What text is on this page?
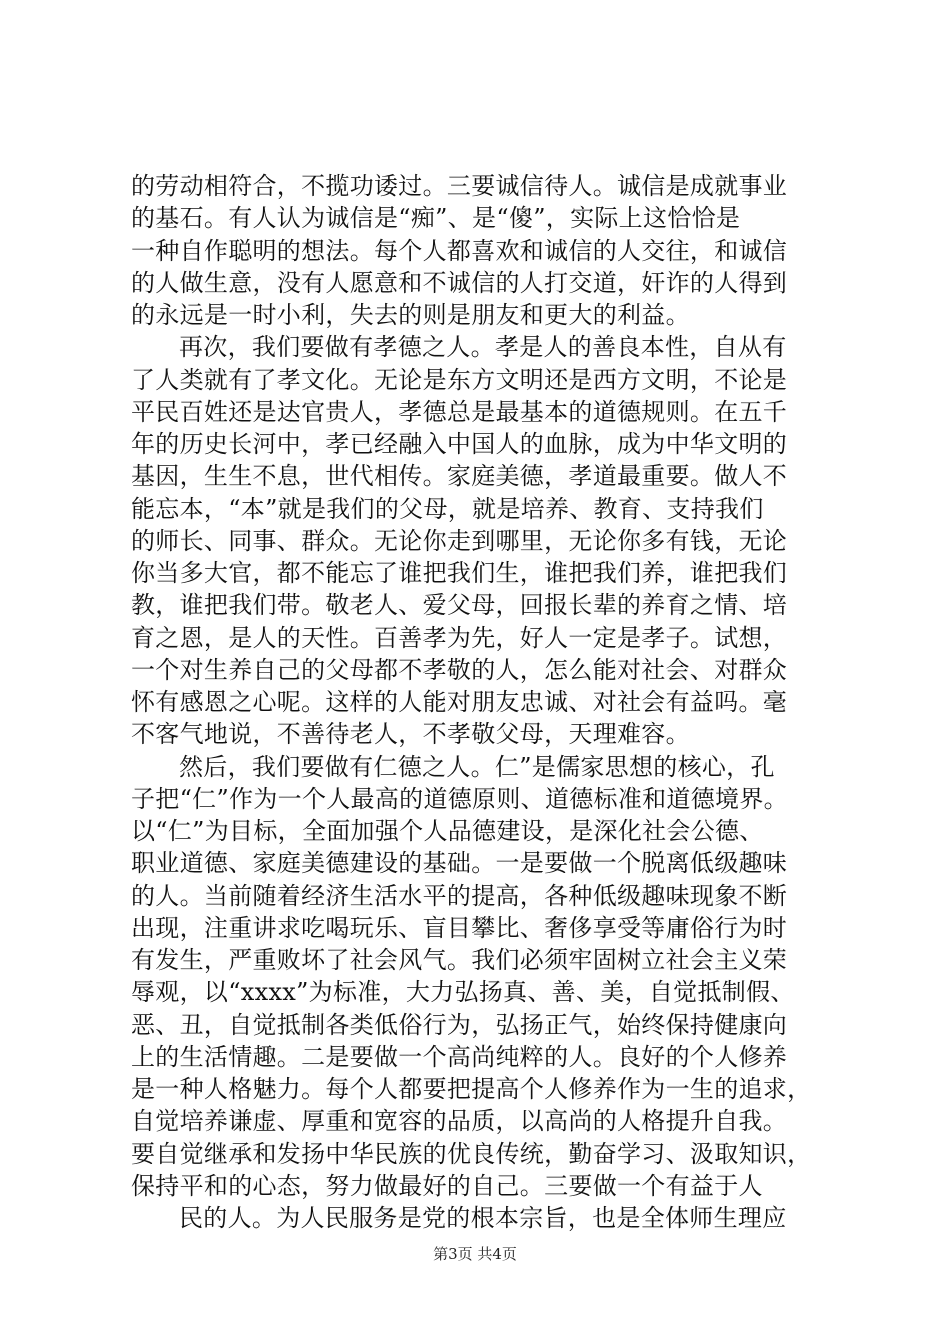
的劳动相符合，不揽功诿过。三要诚信待人。诚信是成就事业
的基石。有人认为诚信是“痴”、是“傻”，实际上这恰恰是
一种自作聪明的想法。每个人都喜欢和诚信的人交往，和诚信
的人做生意，没有人愿意和不诚信的人打交道，奸诈的人得到
的永远是一时小利，失去的则是朋友和更大的利益。
再次，我们要做有孝德之人。孝是人的善良本性，自从有
了人类就有了孝文化。无论是东方文明还是西方文明，不论是
平民百姓还是达官贵人，孝德总是最基本的道德规则。在五千
年的历史长河中，孝已经融入中国人的血脉，成为中华文明的
基因，生生不息，世代相传。家庭美德，孝道最重要。做人不
能忘本，“本”就是我们的父母，就是培养、教育、支持我们
的师长、同事、群众。无论你走到哪里，无论你多有钱，无论
你当多大官，都不能忘了谁把我们生，谁把我们养，谁把我们
教，谁把我们带。敬老人、爱父母，回报长辈的养育之情、培
育之恩，是人的天性。百善孝为先，好人一定是孝子。试想，
一个对生养自己的父母都不孝敬的人，怎么能对社会、对群众
怀有感恩之心呢。这样的人能对朋友忠诚、对社会有益吗。毫
不客气地说，不善待老人，不孝敬父母，天理难容。
然后，我们要做有仁德之人。仁”是儒家思想的核心，孔
子把“仁”作为一个人最高的道德原则、道德标准和道德境界。
以“仁”为目标，全面加强个人品德建设，是深化社会公德、
职业道德、家庭美德建设的基础。一是要做一个脱离低级趣味
的人。当前随着经济生活水平的提高，各种低级趣味现象不断
出现，注重讲求吃喝玩乐、盲目攀比、奢侈享受等庸俗行为时
有发生，严重败坏了社会风气。我们必须牢固树立社会主义荣
辱观，以“xxxx”为标准，大力弘扬真、善、美，自觉抵制假、
恶、丑，自觉抵制各类低俗行为，弘扬正气，始终保持健康向
上的生活情趣。二是要做一个高尚纯粹的人。良好的个人修养
是一种人格魅力。每个人都要把提高个人修养作为一生的追求，
自觉培养谦虚、厚重和宽容的品质，以高尚的人格提升自我。
要自觉继承和发扬中华民族的优良传统，勤奋学习、汲取知识，
保持平和的心态，努力做最好的自己。三要做一个有益于人
民的人。为人民服务是党的根本宗旨，也是全体师生理应
第3页 共4页
